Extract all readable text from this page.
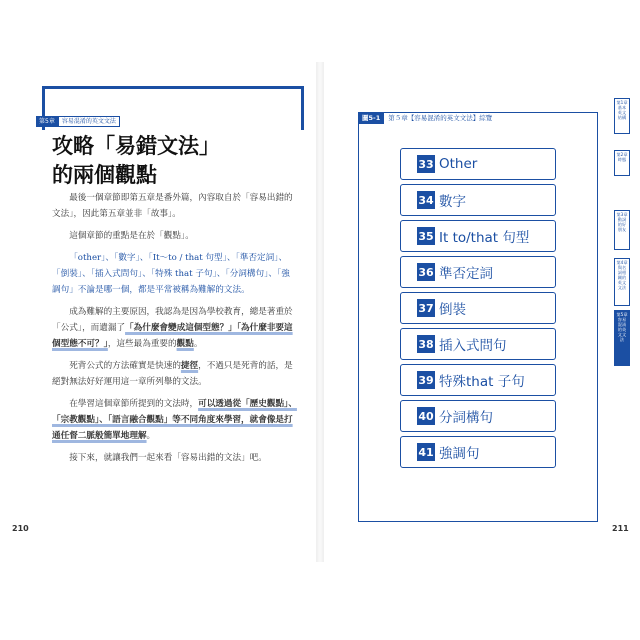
第5章	容易混淆的英文文法
攻略「易錯文法」
的兩個觀點

最後一個章節即第五章是番外篇，內容取自於「容易出錯的文法」，因此第五章並非「故事」。

這個章節的重點是在於「觀點」。

「other」、「數字」、「It～to / that 句型」、「準否定詞」、「倒裝」、「插入式問句」、「特殊 that 子句」、「分詞構句」、「強調句」不論是哪一個，都是平常被稱為難解的文法。

成為難解的主要原因，我認為是因為學校教育，總是著重於「公式」，而遺漏了「為什麼會變成這個型態？」「為什麼非要這個型態不可？」，這些最為重要的觀點。

死背公式的方法確實是快速的捷徑，不過只是死背的話，是絕對無法好好運用這一章所列舉的文法。

在學習這個章節所提到的文法時，可以透過從「歷史觀點」、「宗教觀點」、「語言融合觀點」等不同角度來學習，就會像是打通任督二脈般簡單地理解。

接下來，就讓我們一起來看「容易出錯的文法」吧。

210
圖5-1	第５章【容易混淆的英文文法】綜覽
33 Other
34 數字
35 It to/that 句型
36 準否定詞
37 倒裝
38 插入式問句
39 特殊that 子句
40 分詞構句
41 強調句
第1章 基本英文結構
第2章 時態
第3章 動詞的好朋友
第4章 與名詞相關的英文文法
第5章 容易混淆的英文文法
211
